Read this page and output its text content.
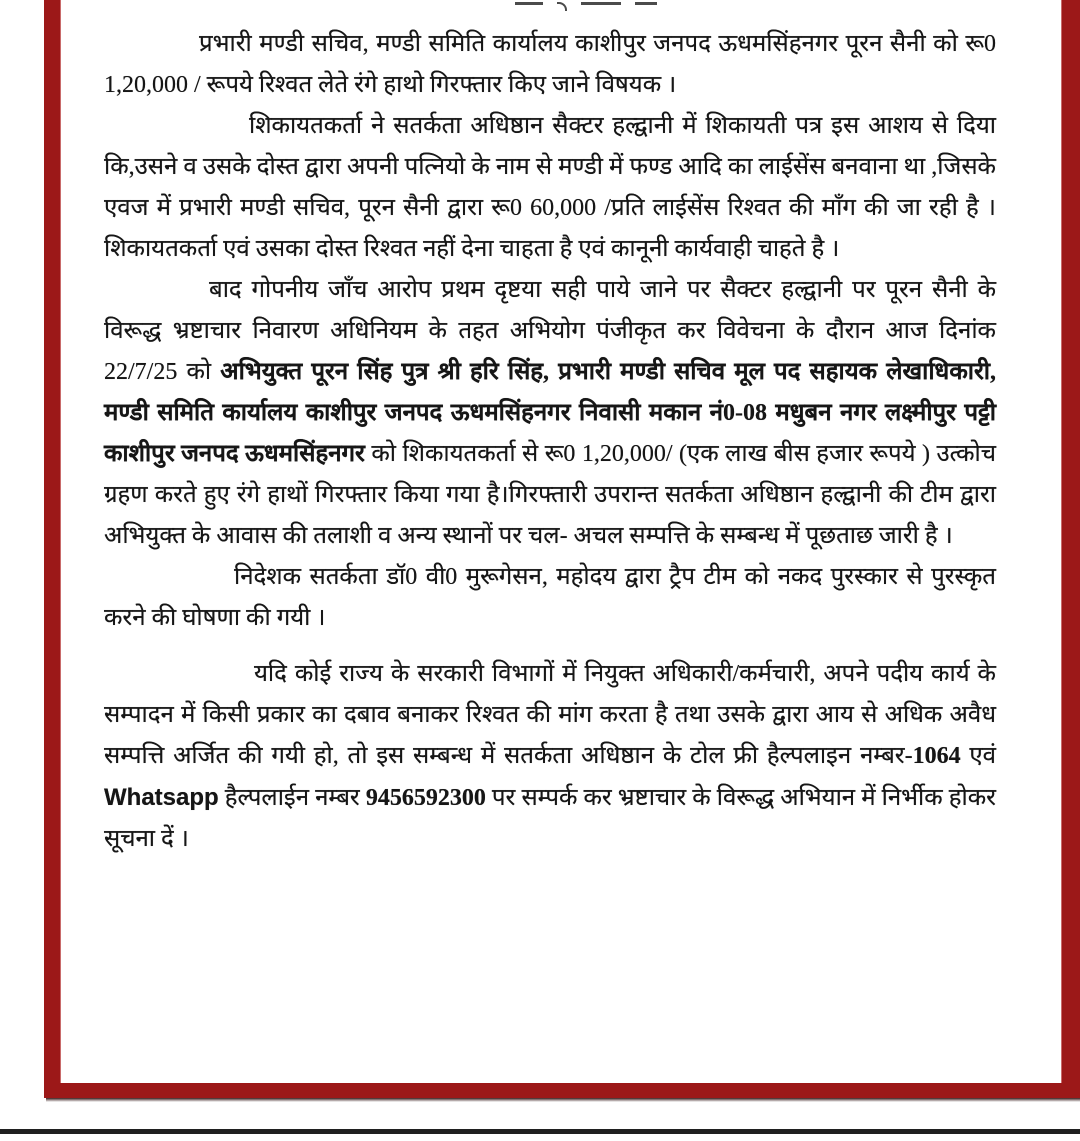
प्रभारी मण्डी सचिव, मण्डी समिति कार्यालय काशीपुर जनपद ऊधमसिंहनगर पूरन सैनी को रू0 1,20,000 / रूपये रिश्वत लेते रंगे हाथो गिरफ्तार किए जाने विषयक ।

शिकायतकर्ता ने सतर्कता अधिष्ठान सैक्टर हल्द्वानी में शिकायती पत्र इस आशय से दिया कि,उसने व उसके दोस्त द्वारा अपनी पत्नियो के नाम से मण्डी में फण्ड आदि का लाईसेंस बनवाना था ,जिसके एवज में प्रभारी मण्डी सचिव, पूरन सैनी द्वारा रू0 60,000 /प्रति लाईसेंस रिश्वत की माँग की जा रही है । शिकायतकर्ता एवं उसका दोस्त रिश्वत नहीं देना चाहता है एवं कानूनी कार्यवाही चाहते है ।

बाद गोपनीय जाँच आरोप प्रथम दृष्टया सही पाये जाने पर सैक्टर हल्द्वानी पर पूरन सैनी के विरूद्ध भ्रष्टाचार निवारण अधिनियम के तहत अभियोग पंजीकृत कर विवेचना के दौरान आज दिनांक 22/7/25 को अभियुक्त पूरन सिंह पुत्र श्री हरि सिंह, प्रभारी मण्डी सचिव मूल पद सहायक लेखाधिकारी, मण्डी समिति कार्यालय काशीपुर जनपद ऊधमसिंहनगर निवासी मकान नं0-08 मधुबन नगर लक्ष्मीपुर पट्टी काशीपुर जनपद ऊधमसिंहनगर को शिकायतकर्ता से रू0 1,20,000/ (एक लाख बीस हजार रूपये ) उत्कोच ग्रहण करते हुए रंगे हाथों गिरफ्तार किया गया है।गिरफ्तारी उपरान्त सतर्कता अधिष्ठान हल्द्वानी की टीम द्वारा अभियुक्त के आवास की तलाशी व अन्य स्थानों पर चल- अचल सम्पत्ति के सम्बन्ध में पूछताछ जारी है ।

निदेशक सतर्कता डॉ0 वी0 मुरूगेसन, महोदय द्वारा ट्रैप टीम को नकद पुरस्कार से पुरस्कृत करने की घोषणा की गयी ।

यदि कोई राज्य के सरकारी विभागों में नियुक्त अधिकारी/कर्मचारी, अपने पदीय कार्य के सम्पादन में किसी प्रकार का दबाव बनाकर रिश्वत की मांग करता है तथा उसके द्वारा आय से अधिक अवैध सम्पत्ति अर्जित की गयी हो, तो इस सम्बन्ध में सतर्कता अधिष्ठान के टोल फ्री हैल्पलाइन नम्बर-1064 एवं Whatsapp हैल्पलाईन नम्बर 9456592300 पर सम्पर्क कर भ्रष्टाचार के विरूद्ध अभियान में निर्भीक होकर सूचना दें ।
